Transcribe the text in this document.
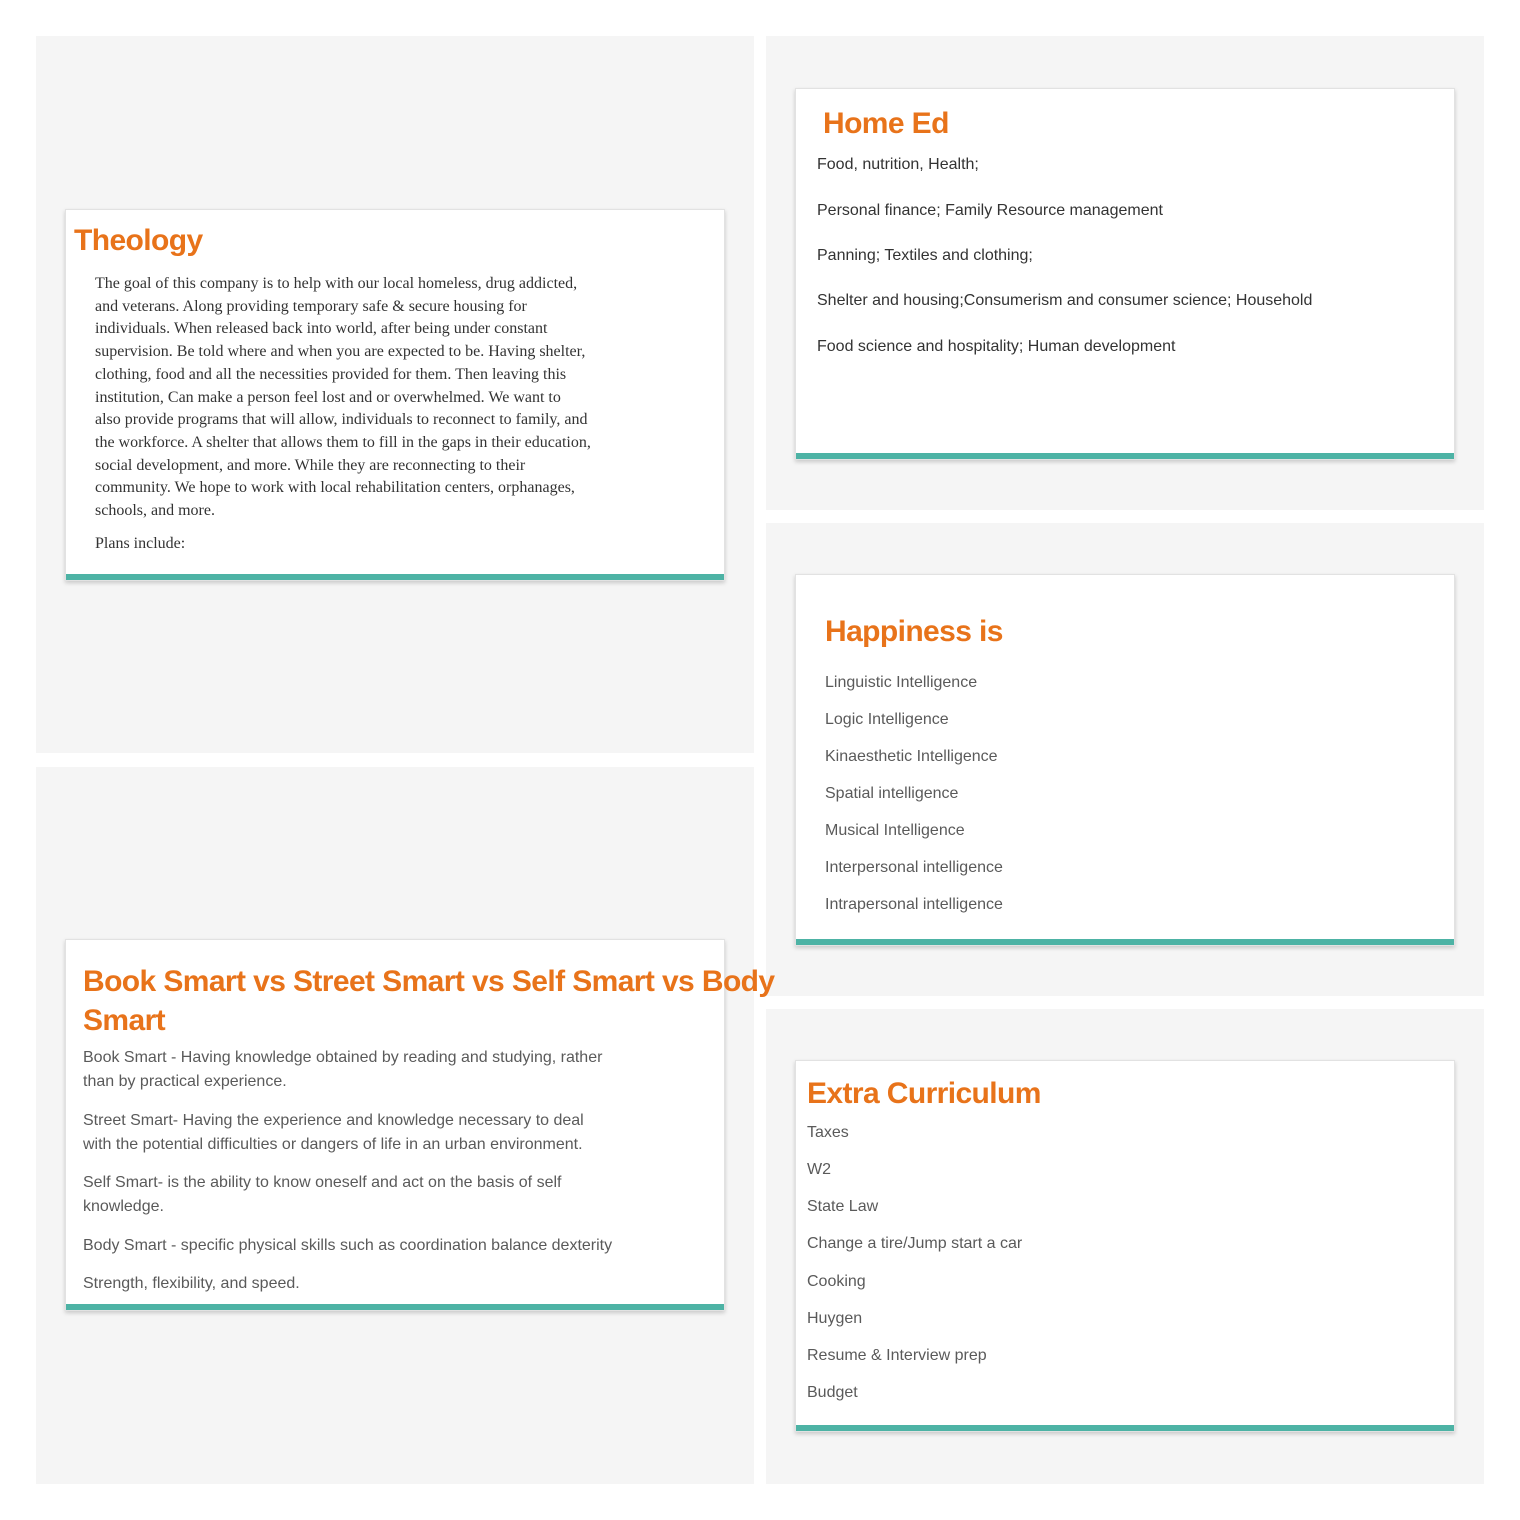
Theology
The goal of this company is to help with our local homeless, drug addicted,
and veterans. Along providing temporary safe & secure housing for
individuals. When released back into world, after being under constant
supervision. Be told where and when you are expected to be. Having shelter,
clothing, food and all the necessities provided for them. Then leaving this
institution, Can make a person feel lost and or overwhelmed. We want to
also provide programs that will allow, individuals to reconnect to family, and
the workforce. A shelter that allows them to fill in the gaps in their education,
social development, and more. While they are reconnecting to their
community. We hope to work with local rehabilitation centers, orphanages,
schools, and more.
Plans include:
Home Ed
Food, nutrition, Health;
Personal finance; Family Resource management
Panning; Textiles and clothing;
Shelter and housing;Consumerism and consumer science; Household
Food science and hospitality; Human development
Happiness is
Linguistic Intelligence
Logic Intelligence
Kinaesthetic Intelligence
Spatial intelligence
Musical Intelligence
Interpersonal intelligence
Intrapersonal intelligence
Book Smart vs Street Smart vs Self Smart vs Body
Smart
Book Smart - Having knowledge obtained by reading and studying, rather
than by practical experience.
Street Smart- Having the experience and knowledge necessary to deal
with the potential difficulties or dangers of life in an urban environment.
Self Smart- is the ability to know oneself and act on the basis of self
knowledge.
Body Smart - specific physical skills such as coordination balance dexterity
Strength, flexibility, and speed.
Extra Curriculum
Taxes
W2
State Law
Change a tire/Jump start a car
Cooking
Huygen
Resume & Interview prep
Budget
